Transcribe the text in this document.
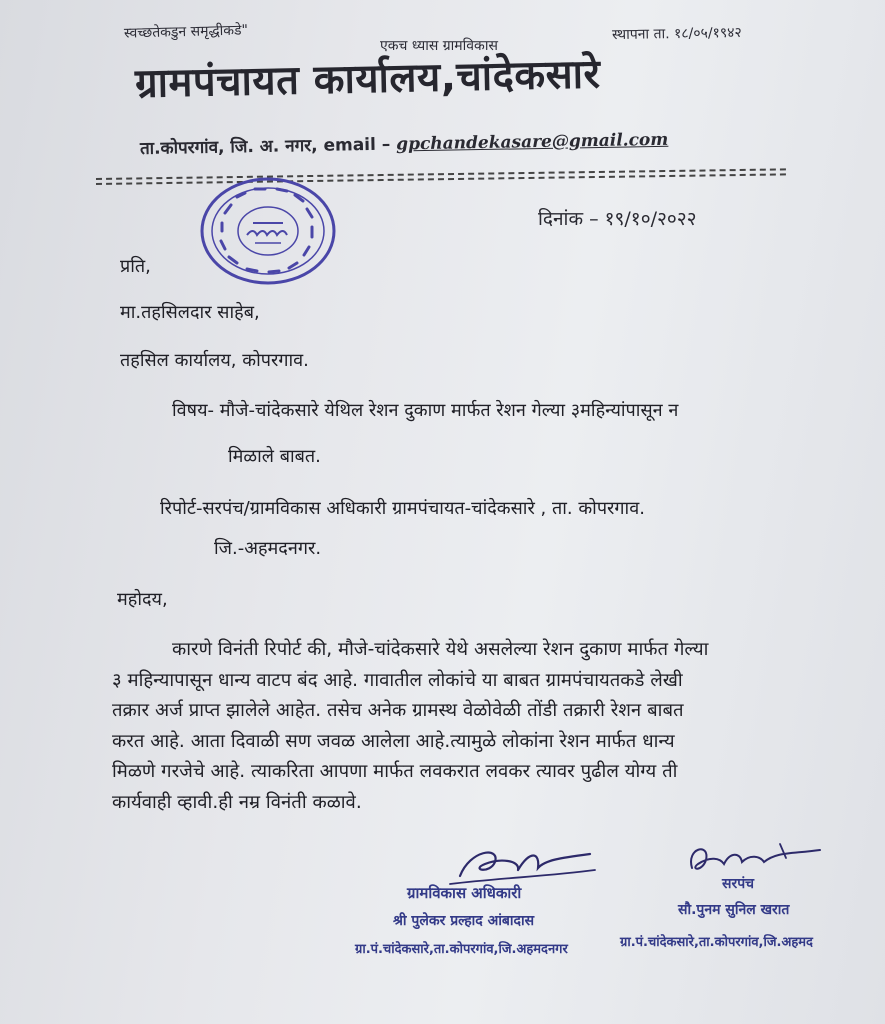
स्वच्छतेकडुन समृद्धीकडे"
एकच ध्यास ग्रामविकास
स्थापना ता. १८/०५/१९४२
ग्रामपंचायत कार्यालय,चांदेकसारे
ता.कोपरगांव, जि. अ. नगर, email – gpchandekasare@gmail.com
दिनांक – १९/१०/२०२२
प्रति,
मा.तहसिलदार साहेब,
तहसिल कार्यालय, कोपरगाव.
विषय- मौजे-चांदेकसारे येथिल रेशन दुकाण मार्फत रेशन गेल्या ३महिन्यांपासून न
मिळाले बाबत.
रिपोर्ट-सरपंच/ग्रामविकास अधिकारी ग्रामपंचायत-चांदेकसारे , ता. कोपरगाव.
जि.-अहमदनगर.
महोदय,
कारणे विनंती रिपोर्ट की, मौजे-चांदेकसारे येथे असलेल्या रेशन दुकाण मार्फत गेल्या
३ महिन्यापासून धान्य वाटप बंद आहे. गावातील लोकांचे या बाबत ग्रामपंचायतकडे लेखी
तक्रार अर्ज प्राप्त झालेले आहेत. तसेच अनेक ग्रामस्थ वेळोवेळी तोंडी तक्रारी रेशन बाबत
करत आहे. आता दिवाळी सण जवळ आलेला आहे.त्यामुळे लोकांना रेशन मार्फत धान्य
मिळणे गरजेचे आहे. त्याकरिता आपणा मार्फत लवकरात लवकर त्यावर पुढील योग्य ती
कार्यवाही व्हावी.ही नम्र विनंती कळावे.
ग्रामविकास अधिकारी
श्री पुलेकर प्रल्हाद आंबादास
ग्रा.पं.चांदेकसारे,ता.कोपरगांव,जि.अहमदनगर
सरपंच
सौ.पुनम सुनिल खरात
ग्रा.पं.चांदेकसारे,ता.कोपरगांव,जि.अहमद
